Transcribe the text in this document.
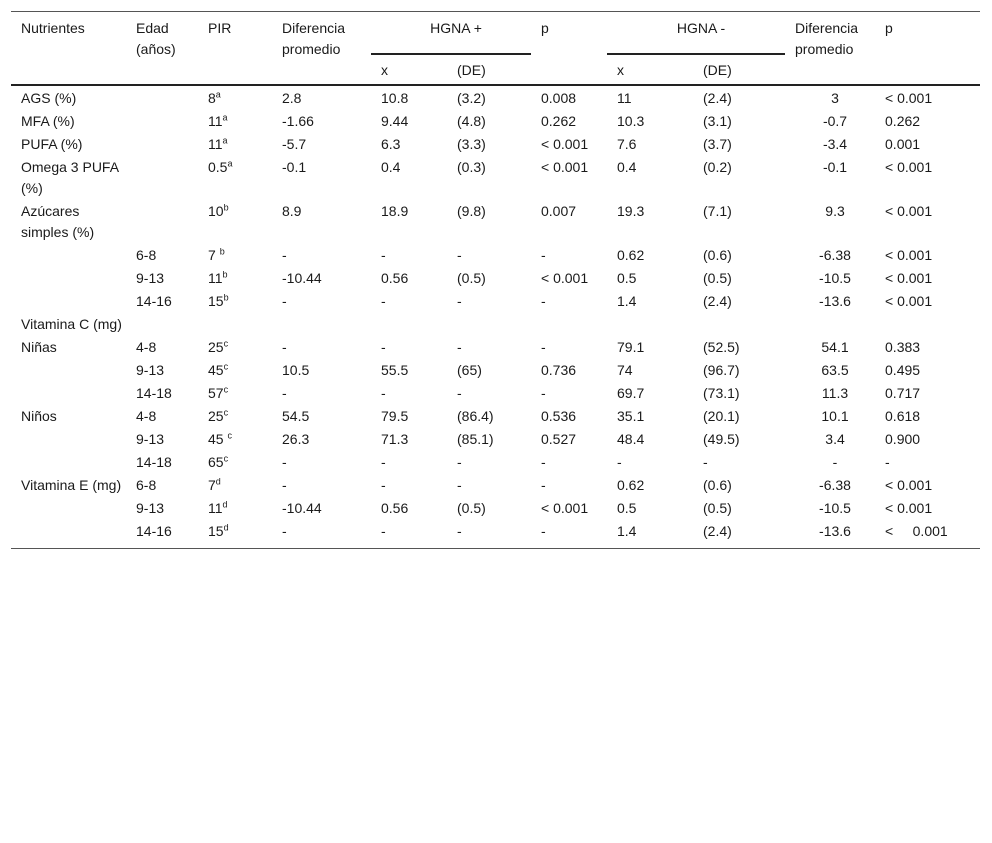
Nutrientes	Edad (años)	PIR	Diferencia promedio	HGNA +		p	HGNA -		Diferencia promedio	p
				x	(DE)		x	(DE)		

AGS (%)		8$^a$	2.8	10.8	(3.2)	0.008	11	(2.4)	3	< 0.001
MFA (%)		11$^a$	-1.66	9.44	(4.8)	0.262	10.3	(3.1)	-0.7	0.262
PUFA (%)		11$^a$	-5.7	6.3	(3.3)	< 0.001	7.6	(3.7)	-3.4	0.001
Omega 3 PUFA (%)		0.5$^a$	-0.1	0.4	(0.3)	< 0.001	0.4	(0.2)	-0.1	< 0.001
Azúcares simples (%)		10$^b$	8.9	18.9	(9.8)	0.007	19.3	(7.1)	9.3	< 0.001
	6-8	7 $^b$	-	-	-	-	0.62	(0.6)	-6.38	< 0.001
	9-13	11$^b$	-10.44	0.56	(0.5)	< 0.001	0.5	(0.5)	-10.5	< 0.001
	14-16	15$^b$	-	-	-	-	1.4	(2.4)	-13.6	< 0.001
Vitamina C (mg)										
Niñas	4-8	25$^c$	-	-	-	-	79.1	(52.5)	54.1	0.383
	9-13	45$^c$	10.5	55.5	(65)	0.736	74	(96.7)	63.5	0.495
	14-18	57$^c$	-	-	-	-	69.7	(73.1)	11.3	0.717
Niños	4-8	25$^c$	54.5	79.5	(86.4)	0.536	35.1	(20.1)	10.1	0.618
	9-13	45 $^c$	26.3	71.3	(85.1)	0.527	48.4	(49.5)	3.4	0.900
	14-18	65$^c$	-	-	-	-	-	-	-	-
Vitamina E (mg)	6-8	7$^d$	-	-	-	-	0.62	(0.6)	-6.38	< 0.001
	9-13	11$^d$	-10.44	0.56	(0.5)	< 0.001	0.5	(0.5)	-10.5	< 0.001
	14-16	15$^d$	-	-	-	-	1.4	(2.4)	-13.6	<     0.001
